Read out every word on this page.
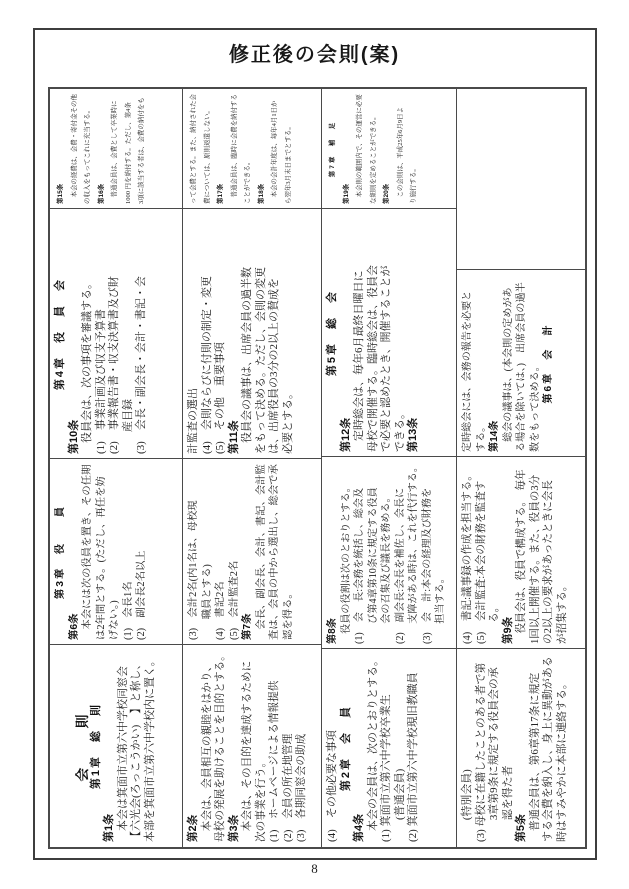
修正後の会則(案)
第15条	　本会の経費は、会費・寄付金その他	の収入をもってこれに充当する。	第16条	　普通会員は、会費として卒業時に	1000 円を納付する。ただし、第4条	3項に該当する者は、会費の納付をも
第4章　役　員　会
第10条 　役員会は、次の事項を審議する。 (1)　事業計画及び収支予算書 (2)　事業報告書・収支決算書及び財 　　産目録 (3)　会長・副会長・会計・書記・会
第3章　役　　員
第6条 　本会には次の役員を置き、その任期 は2年間とする。(ただし、再任を妨 げない。) (1)　会長1名 (2)　副会長2名以上
会　　則 第1章　総　則
第1条 　本会は箕面市立第六中学校同窓会 【六光会(ろっこうかい)　】と称し、 本部を箕面市立第六中学校内に置く。
って会費とする。また、納付された会	費については、原則返還しない。	第17条	　普通会員は、臨時に会費を納付する	ことができる。	第18条	　本会の会計年度は、毎年4月1日か	ら翌年3月末日までとする。
計監査の選出 (4)　会則ならびに付則の制定・変更 (5)　その他　重要事項 第11条 　役員会の議事は、出席会員の過半数 をもって決める。ただし、会則の変更 は、出席役員の3分の2以上の賛成を 必要とする。
(3)　会計2名(内1名は、母校現 　　職員とする) (4)　書記2名 (5)　会計監査2名 第7条 　会長、副会長、会計、書記、会計監 査は、会員の中から選出し、総会で承 認を得る。
第2条 　本会は、会員相互の親睦をはかり、 母校の発展を助けることを目的とする。 第3条 　本会は、その目的を達成するために 次の事業を行う。 (1)　ホームページによる情報提供 (2)　会員の所在地管理 (3)　各期同窓会の助成
第7章　補　足
第19条	　本会則の範囲内で、その運営に必要	な細則を定めることができる。	第20条	　この会則は、平成25年6月9日よ	り施行する。
第5章　総　会
第12条 　定時総会は、毎年6月最終日曜日に 母校で開催する。臨時総会は、役員会 で必要と認めたとき、開催することが できる。 第13条
第8条 　役員の役割は次のとおりとする。 (1)　会　長:会務を統括し、総会及 　　び第4章第10条に規定する役員 　　会の召集及び議長を務める。 (2)　副会長:会長を補佐し、会長に 　　支障がある時は、これを代行する。 (3)　会　計:本会の経理及び財務を 　　担当する。
(4)　その他必要な事項 第2章　会　員
第4条 　本会の会員は、次のとおりとする。 (1) 箕面市立第六中学校卒業生 　　(普通会員) (2) 箕面市立第六中学校現旧教職員
定時総会には、会務の報告を必要と する。 第14条 　総会の議事は、(本会則の定めがあ る場合を除いては、)　出席会員の過半 数をもって決める。 第6章　会　計
(4)　書記:議事録の作成を担当する。 (5)　会計監査:本会の財務を監査す 　　る。 第9条 　役員会は、役員で構成する。　毎年 1回以上開催する。また、役員の3分 の2以上の要求があったときに会長 が招集する。
　　(特別会員) (3) 母校に在籍したことのある者で第 　　3章第9条に規定する役員会の承 　　認を得た者 第5条 　普通会員は、第6章第17条に規定 する会費を納入し、身上に異動がある 時はすみやかに本部に連絡する。
8
